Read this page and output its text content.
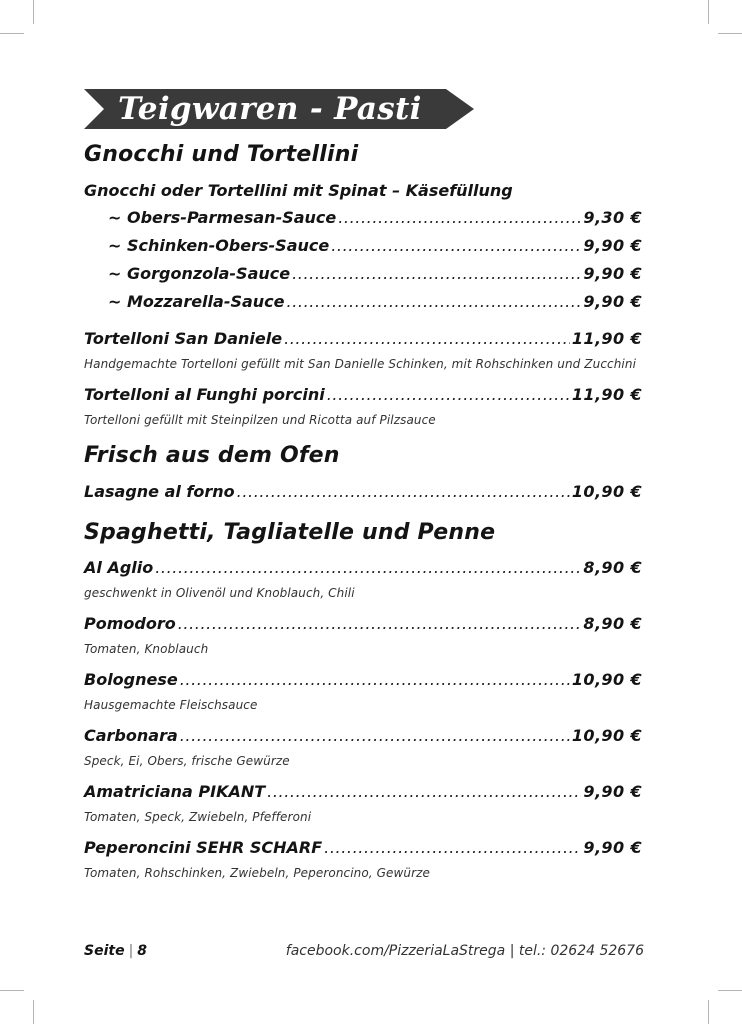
Teigwaren - Pasti
Gnocchi und Tortellini
Gnocchi oder Tortellini mit Spinat – Käsefüllung
~ Obers-Parmesan-Sauce .....	9,30 €
~ Schinken-Obers-Sauce .....	9,90 €
~ Gorgonzola-Sauce .....	9,90 €
~ Mozzarella-Sauce .....	9,90 €
Tortelloni San Daniele .....	11,90 €
Handgemachte Tortelloni gefüllt mit San Danielle Schinken, mit Rohschinken und Zucchini
Tortelloni al Funghi porcini .....	11,90 €
Tortelloni gefüllt mit Steinpilzen und Ricotta auf Pilzsauce
Frisch aus dem Ofen
Lasagne al forno .....	10,90 €
Spaghetti, Tagliatelle und Penne
Al Aglio .....	8,90 €
geschwenkt in Olivenöl und Knoblauch, Chili
Pomodoro .....	8,90 €
Tomaten, Knoblauch
Bolognese .....	10,90 €
Hausgemachte Fleischsauce
Carbonara .....	10,90 €
Speck, Ei, Obers, frische Gewürze
Amatriciana PIKANT .....	9,90 €
Tomaten, Speck, Zwiebeln, Pfefferoni
Peperoncini SEHR SCHARF .....	9,90 €
Tomaten, Rohschinken, Zwiebeln, Peperoncino, Gewürze
Seite | 8	facebook.com/PizzeriaLaStrega | tel.: 02624 52676
